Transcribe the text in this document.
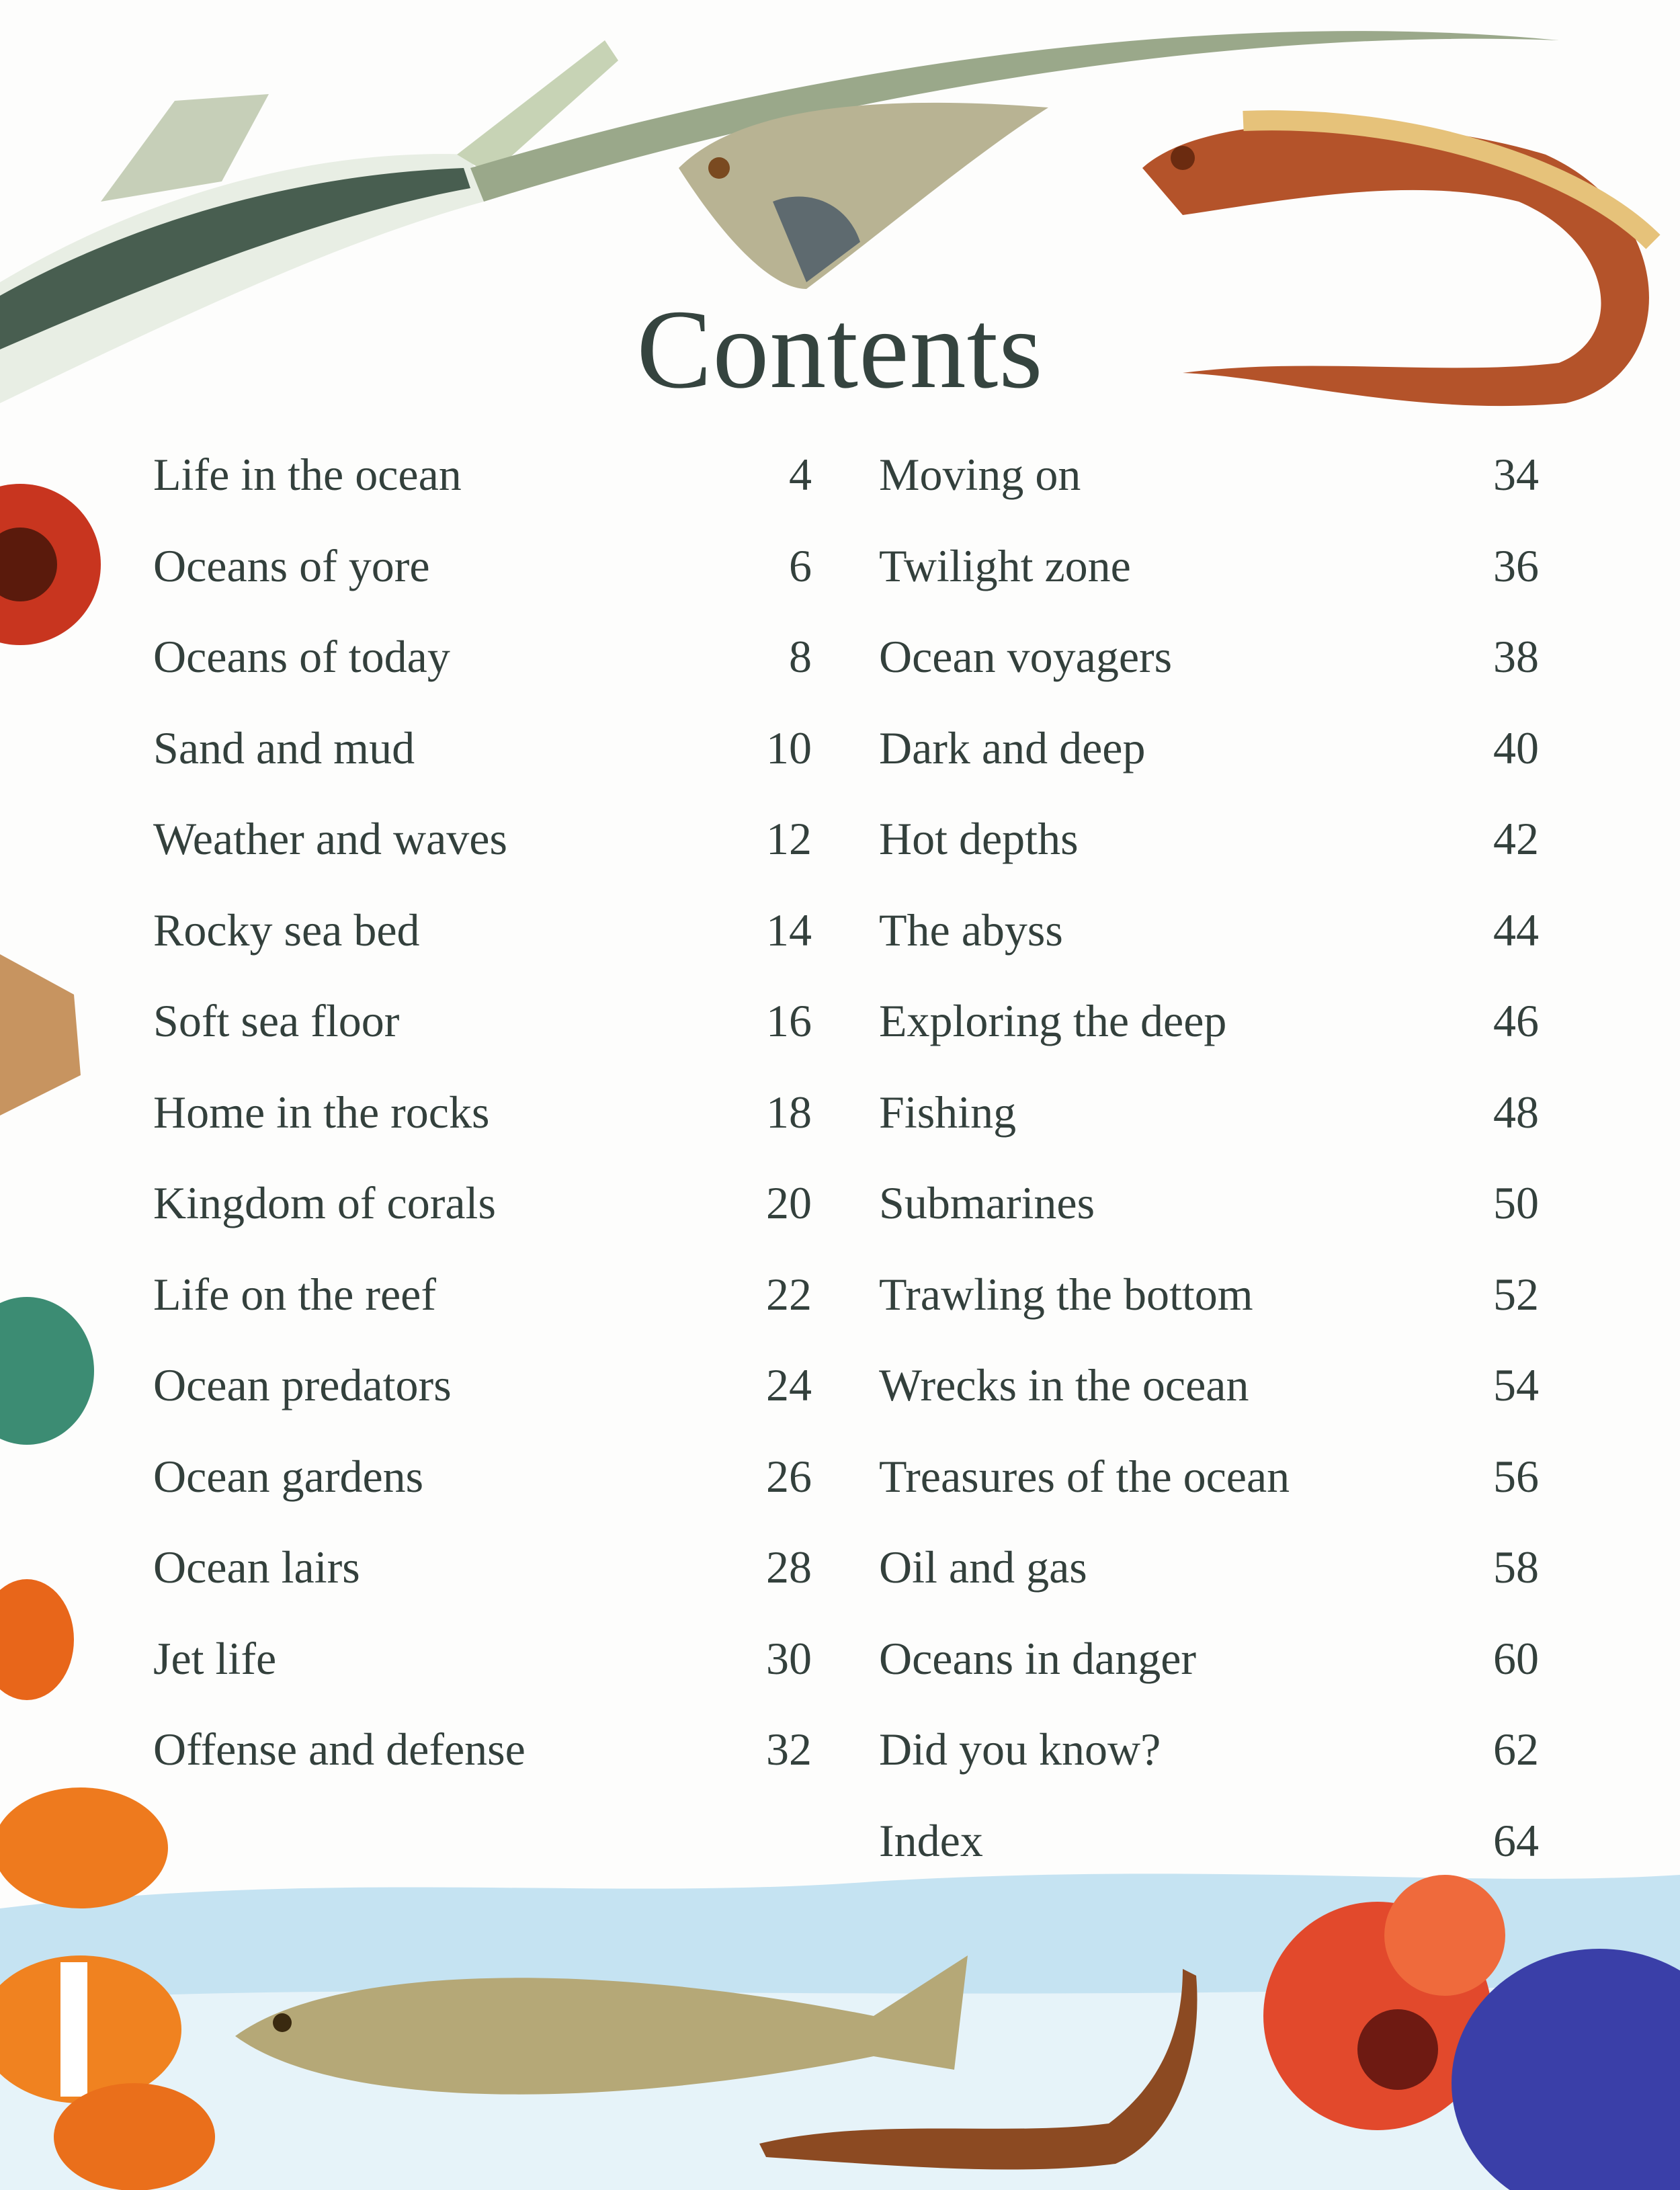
Contents
Life in the ocean	4
Oceans of yore	6
Oceans of today	8
Sand and mud	10
Weather and waves	12
Rocky sea bed	14
Soft sea floor	16
Home in the rocks	18
Kingdom of corals	20
Life on the reef	22
Ocean predators	24
Ocean gardens	26
Ocean lairs	28
Jet life	30
Offense and defense	32
Moving on	34
Twilight zone	36
Ocean voyagers	38
Dark and deep	40
Hot depths	42
The abyss	44
Exploring the deep	46
Fishing	48
Submarines	50
Trawling the bottom	52
Wrecks in the ocean	54
Treasures of the ocean	56
Oil and gas	58
Oceans in danger	60
Did you know?	62
Index	64
